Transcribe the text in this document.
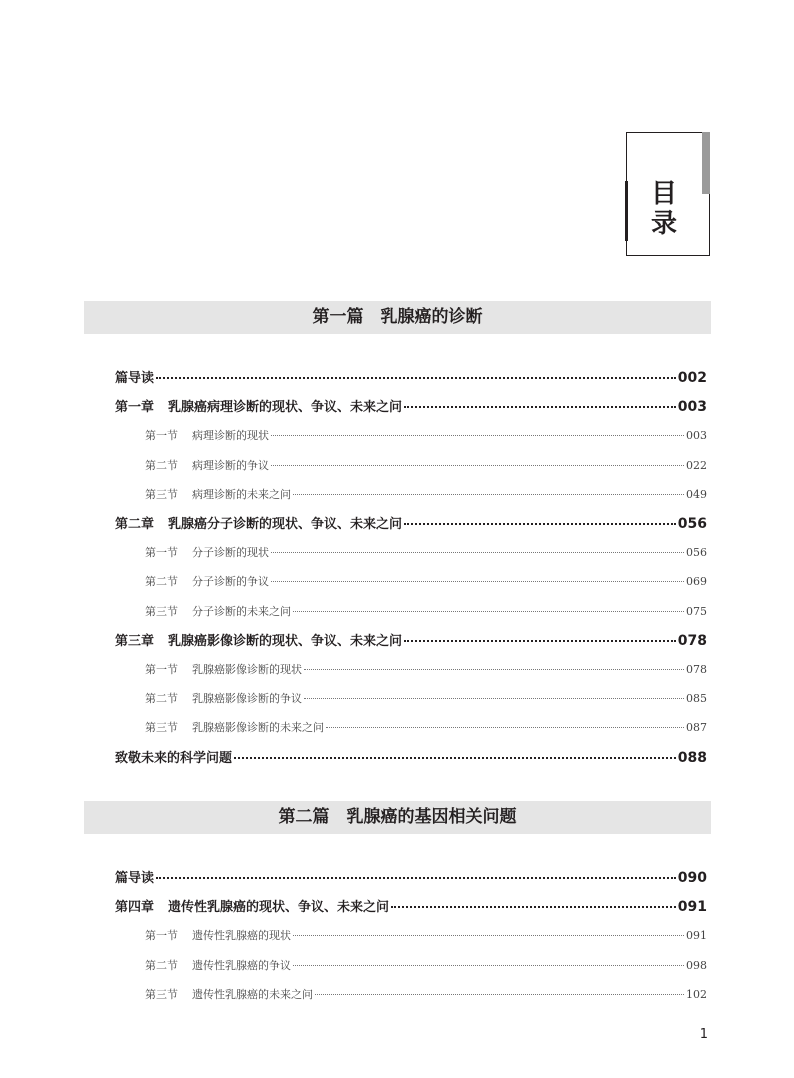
目
录
第一篇　乳腺癌的诊断
篇导读	002
第一章 乳腺癌病理诊断的现状、争议、未来之问	003
第一节 病理诊断的现状	003
第二节 病理诊断的争议	022
第三节 病理诊断的未来之问	049
第二章 乳腺癌分子诊断的现状、争议、未来之问	056
第一节 分子诊断的现状	056
第二节 分子诊断的争议	069
第三节 分子诊断的未来之问	075
第三章 乳腺癌影像诊断的现状、争议、未来之问	078
第一节 乳腺癌影像诊断的现状	078
第二节 乳腺癌影像诊断的争议	085
第三节 乳腺癌影像诊断的未来之问	087
致敬未来的科学问题	088
第二篇　乳腺癌的基因相关问题
篇导读	090
第四章 遗传性乳腺癌的现状、争议、未来之问	091
第一节 遗传性乳腺癌的现状	091
第二节 遗传性乳腺癌的争议	098
第三节 遗传性乳腺癌的未来之问	102
1
